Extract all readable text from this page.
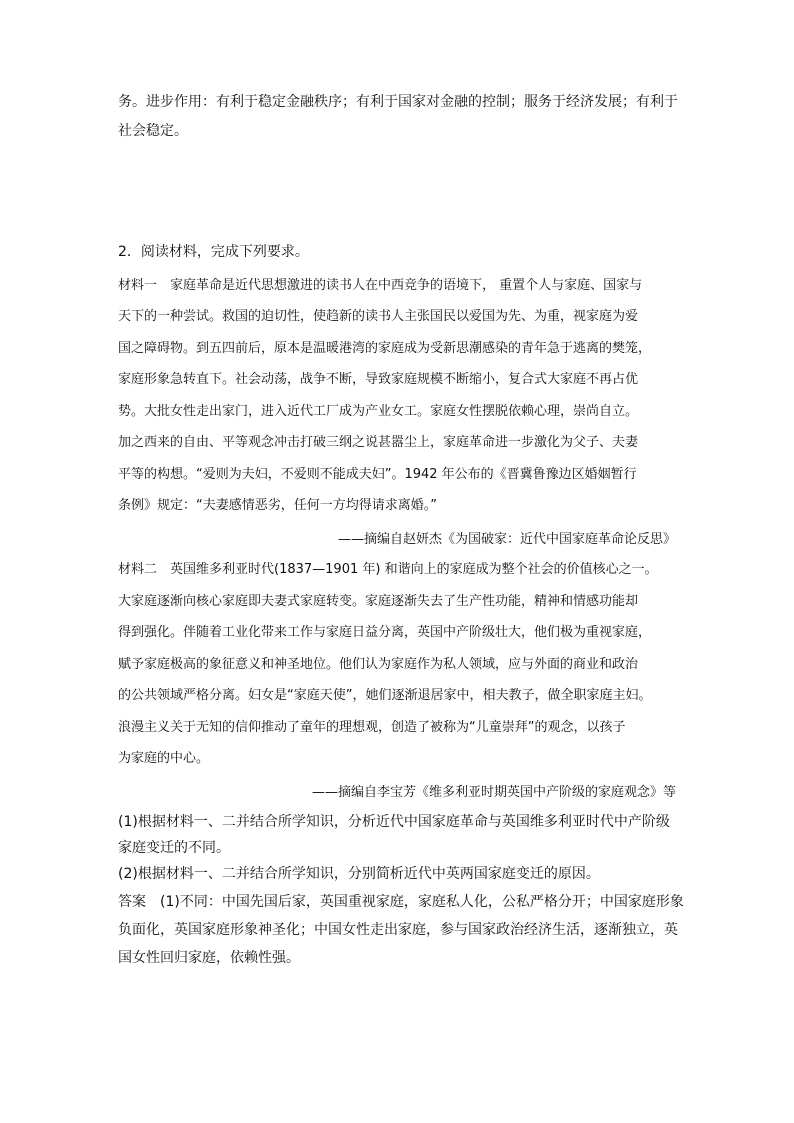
务。进步作用：有利于稳定金融秩序；有利于国家对金融的控制；服务于经济发展；有利于
社会稳定。
2．阅读材料，完成下列要求。
材料一　家庭革命是近代思想激进的读书人在中西竞争的语境下， 重置个人与家庭、国家与
天下的一种尝试。救国的迫切性，使趋新的读书人主张国民以爱国为先、为重，视家庭为爱
国之障碍物。到五四前后，原本是温暖港湾的家庭成为受新思潮感染的青年急于逃离的樊笼，
家庭形象急转直下。社会动荡，战争不断，导致家庭规模不断缩小，复合式大家庭不再占优
势。大批女性走出家门，进入近代工厂成为产业女工。家庭女性摆脱依赖心理，崇尚自立。
加之西来的自由、平等观念冲击打破三纲之说甚嚣尘上，家庭革命进一步激化为父子、夫妻
平等的构想。“爱则为夫妇，不爱则不能成夫妇”。1942 年公布的《晋冀鲁豫边区婚姻暂行
条例》规定：“夫妻感情恶劣，任何一方均得请求离婚。”
——摘编自赵妍杰《为国破家：近代中国家庭革命论反思》
材料二　英国维多利亚时代(1837—1901 年) 和谐向上的家庭成为整个社会的价值核心之一。
大家庭逐渐向核心家庭即夫妻式家庭转变。家庭逐渐失去了生产性功能，精神和情感功能却
得到强化。伴随着工业化带来工作与家庭日益分离，英国中产阶级壮大，他们极为重视家庭，
赋予家庭极高的象征意义和神圣地位。他们认为家庭作为私人领域，应与外面的商业和政治
的公共领域严格分离。妇女是“家庭天使”，她们逐渐退居家中，相夫教子，做全职家庭主妇。
浪漫主义关于无知的信仰推动了童年的理想观，创造了被称为“儿童崇拜”的观念，以孩子
为家庭的中心。
——摘编自李宝芳《维多利亚时期英国中产阶级的家庭观念》等
(1)根据材料一、二并结合所学知识，分析近代中国家庭革命与英国维多利亚时代中产阶级
家庭变迁的不同。
(2)根据材料一、二并结合所学知识，分别简析近代中英两国家庭变迁的原因。
答案　(1)不同：中国先国后家，英国重视家庭，家庭私人化，公私严格分开；中国家庭形象
负面化，英国家庭形象神圣化；中国女性走出家庭，参与国家政治经济生活，逐渐独立，英
国女性回归家庭，依赖性强。
